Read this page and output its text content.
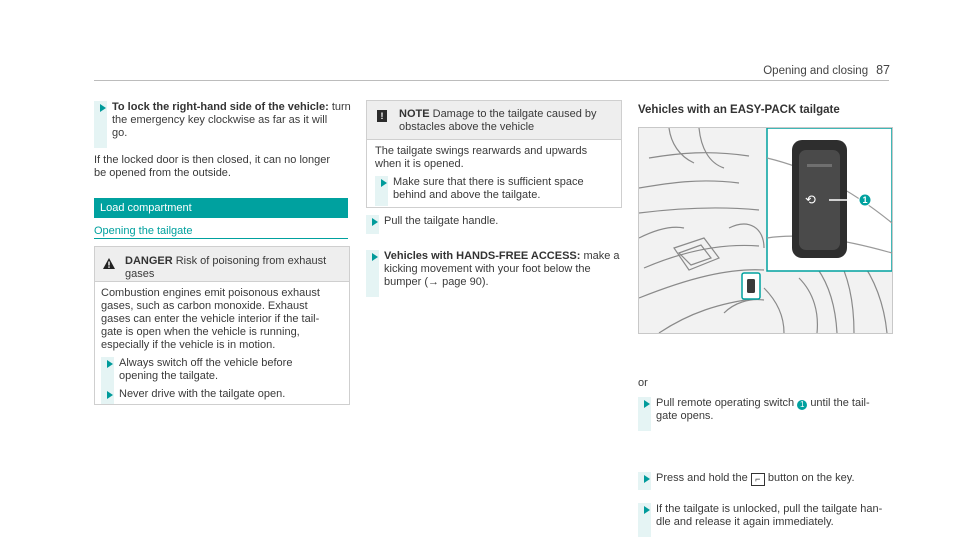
Opening and closing 87
To lock the right-hand side of the vehicle: turn
the emergency key clockwise as far as it will
go.
If the locked door is then closed, it can no longer
be opened from the outside.
Load compartment
Opening the tailgate
DANGER Risk of poisoning from exhaust
gases
Combustion engines emit poisonous exhaust
gases, such as carbon monoxide. Exhaust
gases can enter the vehicle interior if the tail-
gate is open when the vehicle is running,
especially if the vehicle is in motion.
Always switch off the vehicle before
opening the tailgate.
Never drive with the tailgate open.
!	NOTE Damage to the tailgate caused by
obstacles above the vehicle
The tailgate swings rearwards and upwards
when it is opened.
Make sure that there is sufficient space
behind and above the tailgate.
Pull the tailgate handle.
Vehicles with HANDS-FREE ACCESS: make a
kicking movement with your foot below the
bumper (→ page 90).
Vehicles with an EASY-PACK tailgate
⟲	1
Pull remote operating switch 1 until the tail-
gate opens.
or
Press and hold the ⌐ button on the key.
If the tailgate is unlocked, pull the tailgate han-
dle and release it again immediately.
